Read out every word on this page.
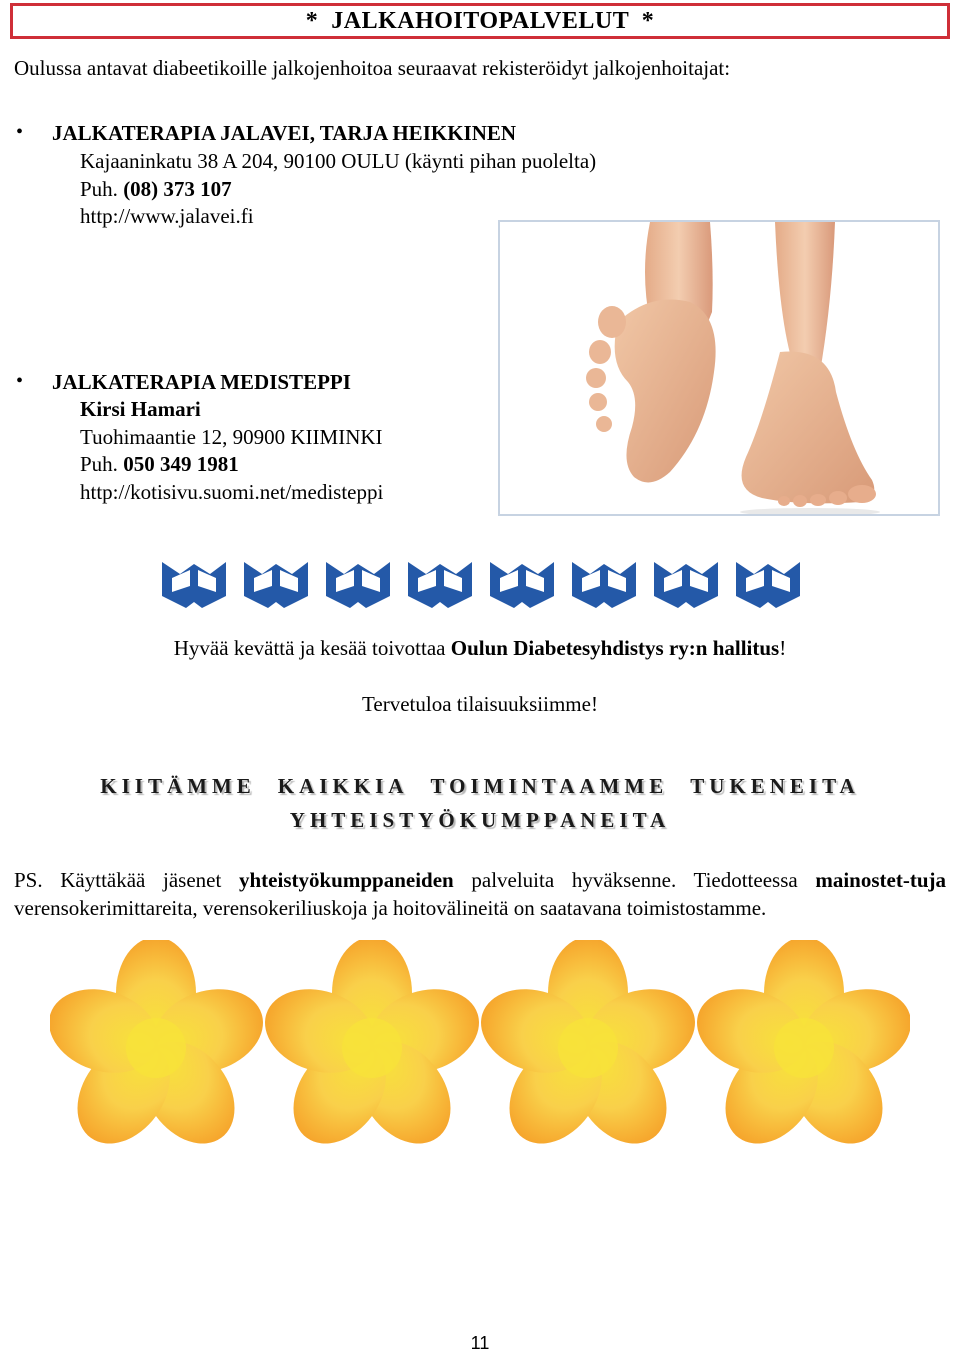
*  JALKAHOITOPALVELUT  *
Oulussa antavat diabeetikoille jalkojenhoitoa seuraavat rekisteröidyt jalkojenhoitajat:
• JALKATERAPIA JALAVEI, TARJA HEIKKINEN
Kajaaninkatu 38 A 204, 90100 OULU (käynti pihan puolelta)
Puh. (08) 373 107
http://www.jalavei.fi
• JALKATERAPIA MEDISTEPPI
Kirsi Hamari
Tuohimaantie 12, 90900 KIIMINKI
Puh. 050 349 1981
http://kotisivu.suomi.net/medisteppi
Hyvää kevättä ja kesää toivottaa Oulun Diabetesyhdistys ry:n hallitus!
Tervetuloa tilaisuuksiimme!
KIITÄMME KAIKKIA TOIMINTAAMME TUKENEITA
YHTEISTYÖKUMPPANEITA
PS. Käyttäkää jäsenet yhteistyökumppaneiden palveluita hyväksenne. Tiedotteessa mainostet-tuja verensokerimittareita, verensokeriliuskoja ja hoitovälineitä on saatavana toimistostamme.
11
